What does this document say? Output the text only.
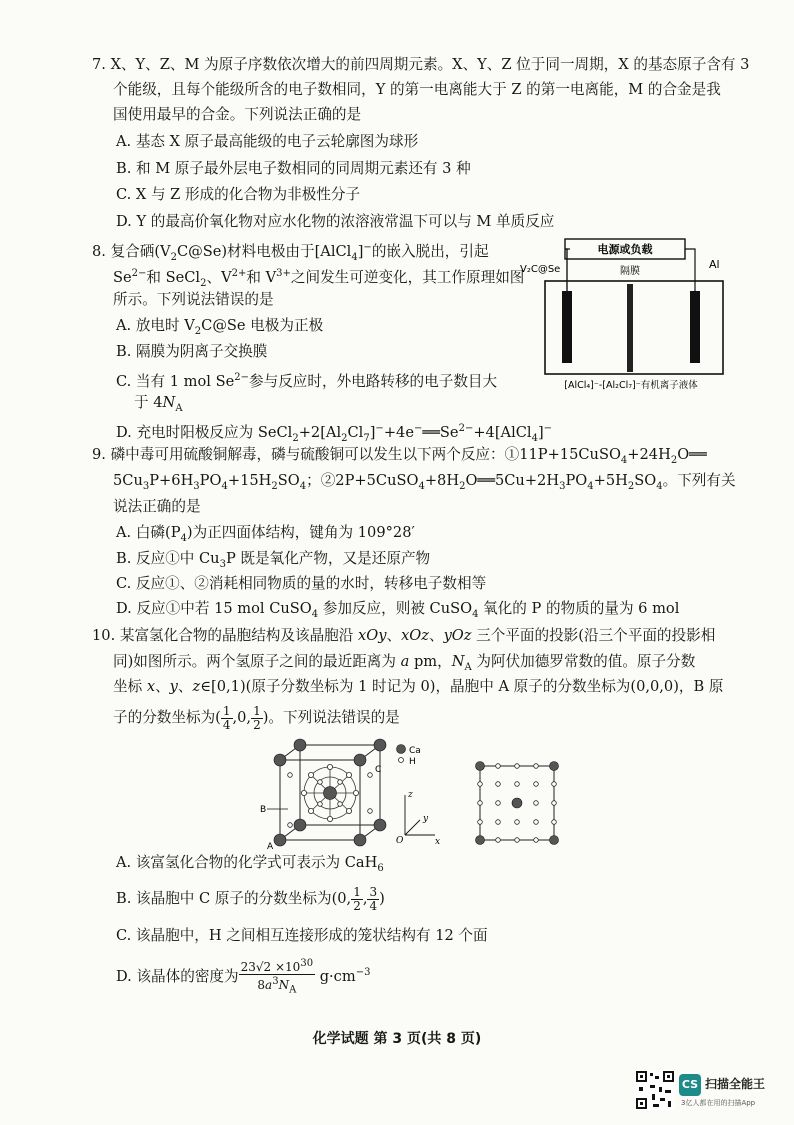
7. X、Y、Z、M 为原子序数依次增大的前四周期元素。X、Y、Z 位于同一周期，X 的基态原子含有 3
个能级，且每个能级所含的电子数相同，Y 的第一电离能大于 Z 的第一电离能，M 的合金是我
国使用最早的合金。下列说法正确的是
A. 基态 X 原子最高能级的电子云轮廓图为球形
B. 和 M 原子最外层电子数相同的同周期元素还有 3 种
C. X 与 Z 形成的化合物为非极性分子
D. Y 的最高价氧化物对应水化物的浓溶液常温下可以与 M 单质反应
8. 复合硒$(V_2C@Se)$材料电极由于[AlCl$_4$]−的嵌入脱出，引起
$Se^{2-}$和 SeCl$_2$、$V^{2+}$和 $V^{3+}$之间发生可逆变化，其工作原理如图
所示。下列说法错误的是
A. 放电时 $V_2C@Se$ 电极为正极
B. 隔膜为阴离子交换膜
C. 当有 1 mol $Se^{2-}$参与反应时，外电路转移的电子数目大
于 $4N_A$
D. 充电时阳极反应为 $SeCl_2+2[Al_2Cl_7]^-+4e^-══Se^{2-}+4[AlCl_4]^-$
电源或负载
V₂C@Se	Al
隔膜
[AlCl₄]⁻-[Al₂Cl₇]⁻有机离子液体
9. 磷中毒可用硫酸铜解毒，磷与硫酸铜可以发生以下两个反应：$①11P+15CuSO_4+24H_2O══$
$5Cu_3P+6H_3PO_4+15H_2SO_4$；$②2P+5CuSO_4+8H_2O══5Cu+2H_3PO_4+5H_2SO_4$。下列有关
说法正确的是
A. 白磷$(P_4)$为正四面体结构，键角为 109°28′
B. 反应①中 $Cu_3P$ 既是氧化产物，又是还原产物
C. 反应①、②消耗相同物质的量的水时，转移电子数相等
D. 反应①中若 15 mol CuSO$_4$ 参加反应，则被 CuSO$_4$ 氧化的 P 的物质的量为 6 mol
10. 某富氢化合物的晶胞结构及该晶胞沿 xOy、xOz、yOz 三个平面的投影(沿三个平面的投影相
同)如图所示。两个氢原子之间的最近距离为 a pm，$N_A$ 为阿伏加德罗常数的值。原子分数
坐标 x、y、z∈[0,1)(原子分数坐标为 1 时记为 0)，晶胞中 A 原子的分数坐标为(0,0,0)，B 原
子的分数坐标为( $\frac{1}{4} ,0$, $\frac{1}{2}$ )。下列说法错误的是
Ca
H
B
C
A
z
x
y
O
A. 该富氢化合物的化学式可表示为 CaH$_6$
B. 该晶胞中 C 原子的分数坐标为(0, $\frac{1}{2}$ , $\frac{3}{4}$ )
C. 该晶胞中，H 之间相互连接形成的笼状结构有 12 个面
D. 该晶体的密度为 $\frac{23√2 \times 10^{30}}{8a^3N_A} g\cdot cm^{-3}$
化学试题 第 3 页(共 8 页)
CS 扫描全能王
3亿人都在用的扫描App
